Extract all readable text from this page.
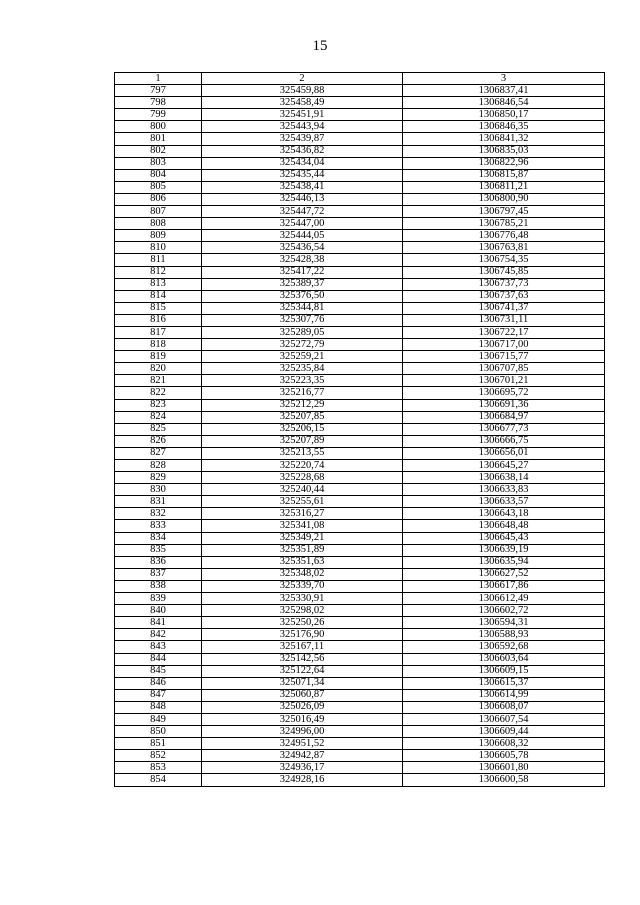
15
1	2	3
797	325459,88	1306837,41
798	325458,49	1306846,54
799	325451,91	1306850,17
800	325443,94	1306846,35
801	325439,87	1306841,32
802	325436,82	1306835,03
803	325434,04	1306822,96
804	325435,44	1306815,87
805	325438,41	1306811,21
806	325446,13	1306800,90
807	325447,72	1306797,45
808	325447,00	1306785,21
809	325444,05	1306776,48
810	325436,54	1306763,81
811	325428,38	1306754,35
812	325417,22	1306745,85
813	325389,37	1306737,73
814	325376,50	1306737,63
815	325344,81	1306741,37
816	325307,76	1306731,11
817	325289,05	1306722,17
818	325272,79	1306717,00
819	325259,21	1306715,77
820	325235,84	1306707,85
821	325223,35	1306701,21
822	325216,77	1306695,72
823	325212,29	1306691,36
824	325207,85	1306684,97
825	325206,15	1306677,73
826	325207,89	1306666,75
827	325213,55	1306656,01
828	325220,74	1306645,27
829	325228,68	1306638,14
830	325240,44	1306633,83
831	325255,61	1306633,57
832	325316,27	1306643,18
833	325341,08	1306648,48
834	325349,21	1306645,43
835	325351,89	1306639,19
836	325351,63	1306635,94
837	325348,02	1306627,52
838	325339,70	1306617,86
839	325330,91	1306612,49
840	325298,02	1306602,72
841	325250,26	1306594,31
842	325176,90	1306588,93
843	325167,11	1306592,68
844	325142,56	1306603,64
845	325122,64	1306609,15
846	325071,34	1306615,37
847	325060,87	1306614,99
848	325026,09	1306608,07
849	325016,49	1306607,54
850	324996,00	1306609,44
851	324951,52	1306608,32
852	324942,87	1306605,78
853	324936,17	1306601,80
854	324928,16	1306600,58
